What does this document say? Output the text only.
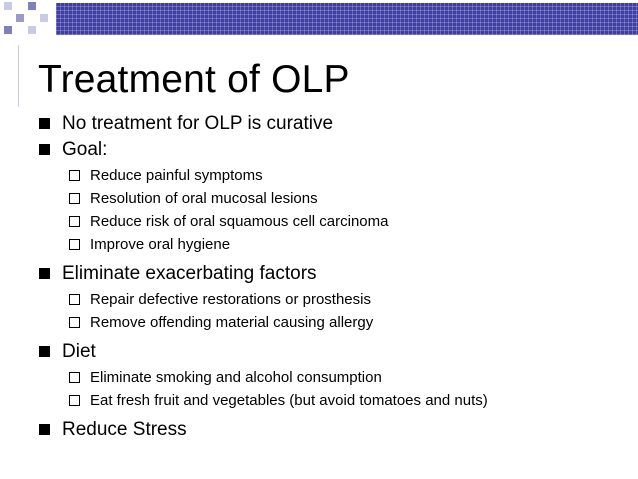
Treatment of OLP
No treatment for OLP is curative
Goal:
Reduce painful symptoms
Resolution of oral mucosal lesions
Reduce risk of oral squamous cell carcinoma
Improve oral hygiene
Eliminate exacerbating factors
Repair defective restorations or prosthesis
Remove offending material causing allergy
Diet
Eliminate smoking and alcohol consumption
Eat fresh fruit and vegetables (but avoid tomatoes and nuts)
Reduce Stress
